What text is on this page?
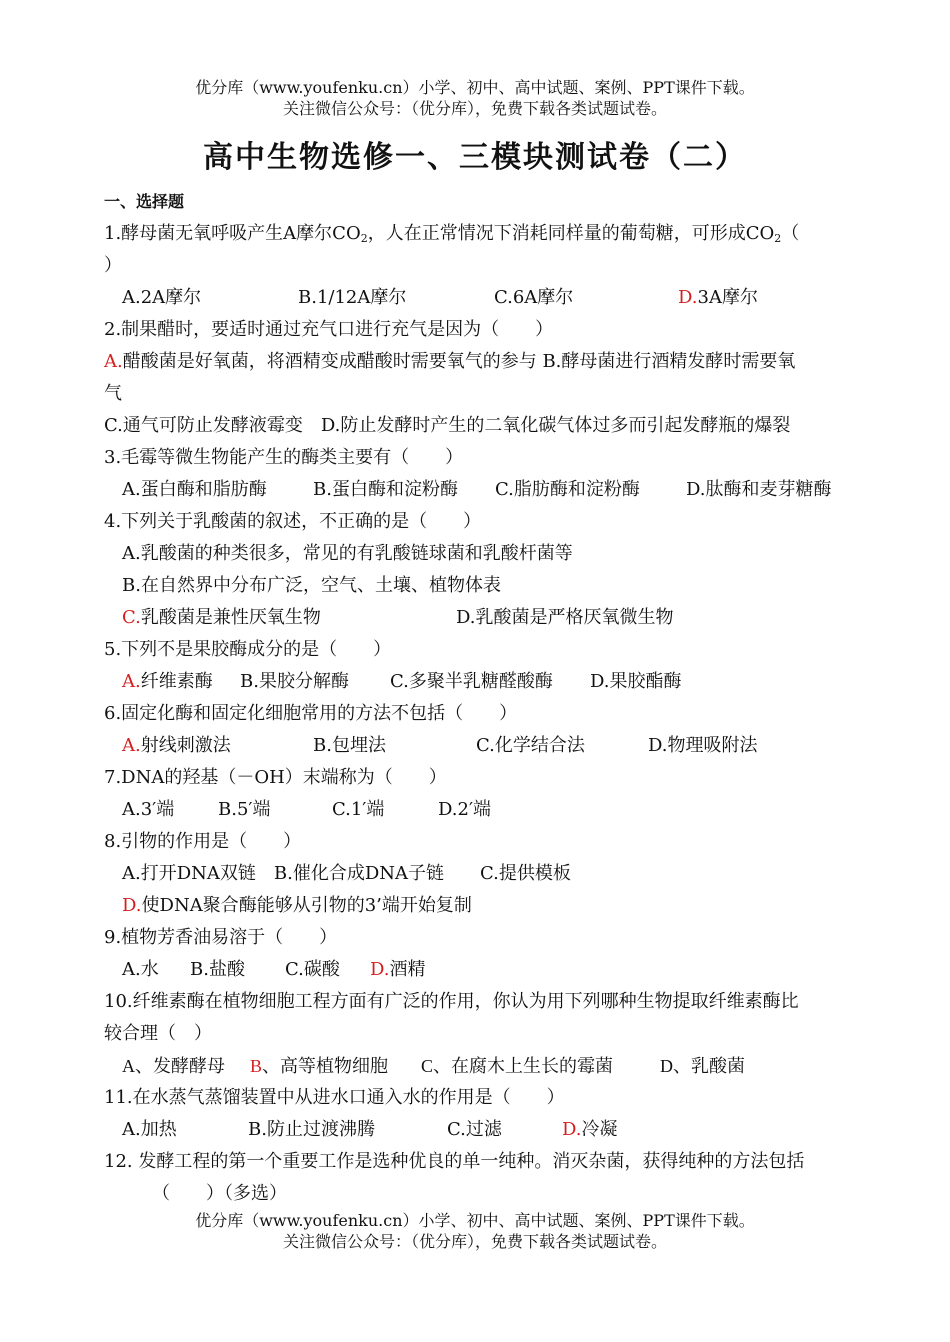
优分库（www.youfenku.cn）小学、初中、高中试题、案例、PPT课件下载。
关注微信公众号：（优分库），免费下载各类试题试卷。
高中生物选修一、三模块测试卷（二）
一、选择题
1.酵母菌无氧呼吸产生A摩尔$CO_2$，人在正常情况下消耗同样量的葡萄糖，可形成$CO_2$（
）
A.2A摩尔	B.1/12A摩尔	C.6A摩尔	D.3A摩尔
2.制果醋时，要适时通过充气口进行充气是因为（　　）
A.醋酸菌是好氧菌，将酒精变成醋酸时需要氧气的参与 B.酵母菌进行酒精发酵时需要氧
气
C.通气可防止发酵液霉变　D.防止发酵时产生的二氧化碳气体过多而引起发酵瓶的爆裂
3.毛霉等微生物能产生的酶类主要有（　　）
A.蛋白酶和脂肪酶	B.蛋白酶和淀粉酶 C.脂肪酶和淀粉酶	D.肽酶和麦芽糖酶
4.下列关于乳酸菌的叙述，不正确的是（　　）
A.乳酸菌的种类很多，常见的有乳酸链球菌和乳酸杆菌等
B.在自然界中分布广泛，空气、土壤、植物体表
C.乳酸菌是兼性厌氧生物	D.乳酸菌是严格厌氧微生物
5.下列不是果胶酶成分的是（　　）
A.纤维素酶 B.果胶分解酶 C.多聚半乳糖醛酸酶 D.果胶酯酶
6.固定化酶和固定化细胞常用的方法不包括（　　）
A.射线刺激法	B.包埋法	C.化学结合法	D.物理吸附法
7.DNA的羟基（－OH）末端称为（　　）
A.3′端 B.5′端	C.1′端	D.2′端
8.引物的作用是（　　）
A.打开DNA双链　B.催化合成DNA子链　　C.提供模板
D.使DNA聚合酶能够从引物的3’端开始复制
9.植物芳香油易溶于（　　）
A.水 B.盐酸 C.碳酸 D.酒精
10.纤维素酶在植物细胞工程方面有广泛的作用，你认为用下列哪种生物提取纤维素酶比
较合理（　）
A、发酵酵母 B、高等植物细胞 C、在腐木上生长的霉菌	D、乳酸菌
11.在水蒸气蒸馏装置中从进水口通入水的作用是（　　）
A.加热	B.防止过渡沸腾	C.过滤	D.冷凝
12. 发酵工程的第一个重要工作是选种优良的单一纯种。消灭杂菌，获得纯种的方法包括
（　　）（多选）
优分库（www.youfenku.cn）小学、初中、高中试题、案例、PPT课件下载。
关注微信公众号：（优分库），免费下载各类试题试卷。
